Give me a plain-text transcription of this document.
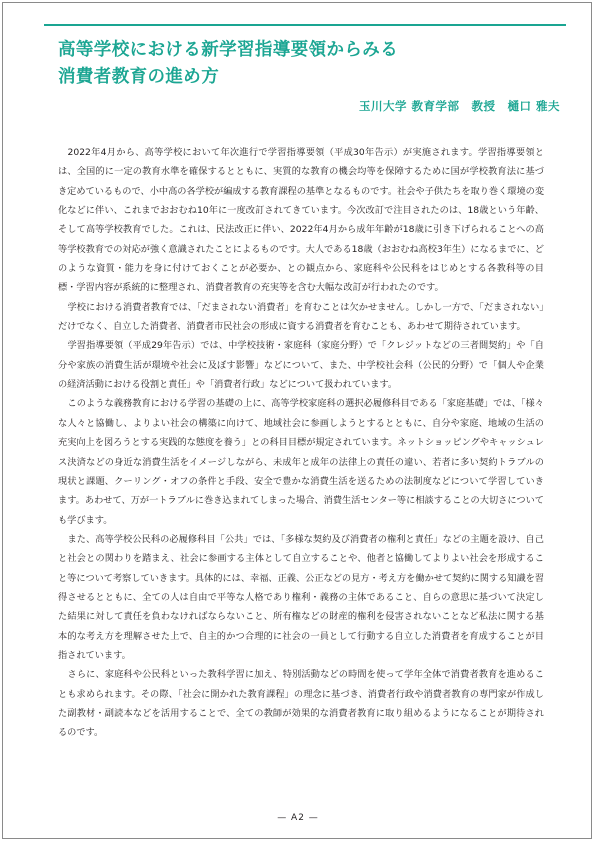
高等学校における新学習指導要領からみる
消費者教育の進め方
玉川大学 教育学部 教授 樋口 雅夫

2022年4月から、高等学校において年次進行で学習指導要領（平成30年告示）が実施されます。学習指導要領とは、全国的に一定の教育水準を確保するとともに、実質的な教育の機会均等を保障するために国が学校教育法に基づき定めているもので、小中高の各学校が編成する教育課程の基準となるものです。社会や子供たちを取り巻く環境の変化などに伴い、これまでおおむね10年に一度改訂されてきています。今次改訂で注目されたのは、18歳という年齢、そして高等学校教育でした。これは、民法改正に伴い、2022年4月から成年年齢が18歳に引き下げられることへの高等学校教育での対応が強く意識されたことによるものです。大人である18歳（おおむね高校3年生）になるまでに、どのような資質・能力を身に付けておくことが必要か、との観点から、家庭科や公民科をはじめとする各教科等の目標・学習内容が系統的に整理され、消費者教育の充実等を含む大幅な改訂が行われたのです。

学校における消費者教育では、「だまされない消費者」を育むことは欠かせません。しかし一方で、「だまされない」だけでなく、自立した消費者、消費者市民社会の形成に資する消費者を育むことも、あわせて期待されています。

学習指導要領（平成29年告示）では、中学校技術・家庭科（家庭分野）で「クレジットなどの三者間契約」や「自分や家族の消費生活が環境や社会に及ぼす影響」などについて、また、中学校社会科（公民的分野）で「個人や企業の経済活動における役割と責任」や「消費者行政」などについて扱われています。

このような義務教育における学習の基礎の上に、高等学校家庭科の選択必履修科目である「家庭基礎」では、「様々な人々と協働し、よりよい社会の構築に向けて、地域社会に参画しようとするとともに、自分や家庭、地域の生活の充実向上を図ろうとする実践的な態度を養う」との科目目標が規定されています。ネットショッピングやキャッシュレス決済などの身近な消費生活をイメージしながら、未成年と成年の法律上の責任の違い、若者に多い契約トラブルの現状と課題、クーリング・オフの条件と手段、安全で豊かな消費生活を送るための法制度などについて学習していきます。あわせて、万が一トラブルに巻き込まれてしまった場合、消費生活センター等に相談することの大切さについても学びます。

また、高等学校公民科の必履修科目「公共」では、「多様な契約及び消費者の権利と責任」などの主題を設け、自己と社会との関わりを踏まえ、社会に参画する主体として自立することや、他者と協働してよりよい社会を形成すること等について考察していきます。具体的には、幸福、正義、公正などの見方・考え方を働かせて契約に関する知識を習得させるとともに、全ての人は自由で平等な人格であり権利・義務の主体であること、自らの意思に基づいて決定した結果に対して責任を負わなければならないこと、所有権などの財産的権利を侵害されないことなど私法に関する基本的な考え方を理解させた上で、自主的かつ合理的に社会の一員として行動する自立した消費者を育成することが目指されています。

さらに、家庭科や公民科といった教科学習に加え、特別活動などの時間を使って学年全体で消費者教育を進めることも求められます。その際、「社会に開かれた教育課程」の理念に基づき、消費者行政や消費者教育の専門家が作成した副教材・副読本などを活用することで、全ての教師が効果的な消費者教育に取り組めるようになることが期待されるのです。

— A2 —
